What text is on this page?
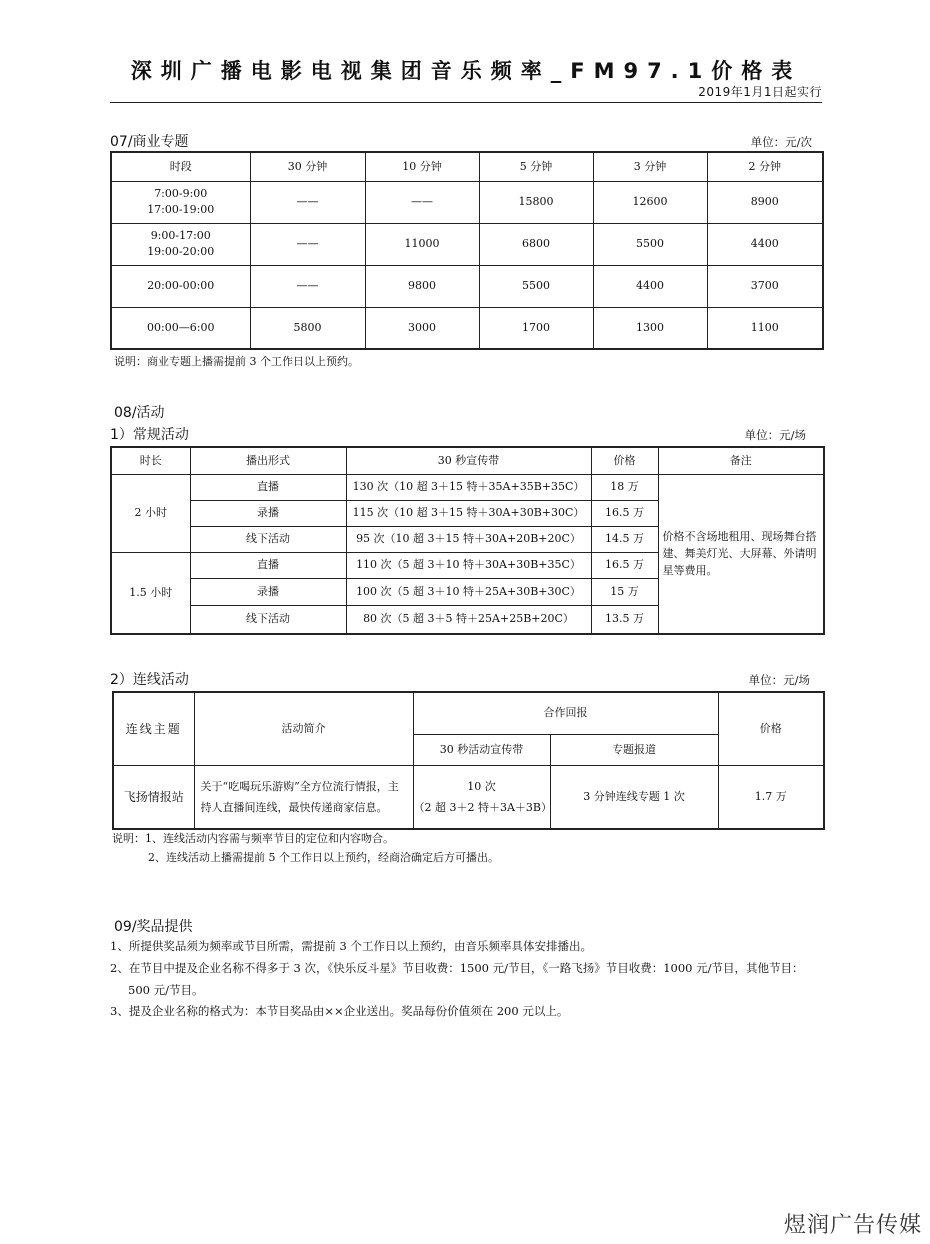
深圳广播电影电视集团音乐频率_FM97.1价格表
2019年1月1日起实行
07/商业专题	单位：元/次
时段	30 分钟	10 分钟	5 分钟	3 分钟	2 分钟

7:00-9:00
17:00-19:00	——	——	15800	12600	8900

9:00-17:00
19:00-20:00	——	11000	6800	5500	4400
20:00-00:00	——	9800	5500	4400	3700
00:00—6:00	5800	3000	1700	1300	1100
说明：商业专题上播需提前 3 个工作日以上预约。
08/活动
1）常规活动	单位：元/场
时长	播出形式	30 秒宣传带	价格	备注
2 小时	直播	130 次（10 超 3＋15 特＋35A+35B+35C）	18 万	价格不含场地租用、现场舞台搭建、舞美灯光、大屏幕、外请明星等费用。
	录播	115 次（10 超 3＋15 特＋30A+30B+30C）	16.5 万	
	线下活动	95 次（10 超 3＋15 特＋30A+20B+20C）	14.5 万	
1.5 小时	直播	110 次（5 超 3＋10 特＋30A+30B+35C）	16.5 万	
	录播	100 次（5 超 3＋10 特＋25A+30B+30C）	15 万	
	线下活动	80 次（5 超 3＋5 特＋25A+25B+20C）	13.5 万	
2）连线活动	单位：元/场
连线主题	活动简介	合作回报		价格
		30 秒活动宣传带	专题报道	
飞扬情报站	关于“吃喝玩乐游购”全方位流行情报，主持人直播间连线，最快传递商家信息。	10 次
（2 超 3＋2 特＋3A＋3B）	3 分钟连线专题 1 次	1.7 万
说明：1、连线活动内容需与频率节目的定位和内容吻合。
2、连线活动上播需提前 5 个工作日以上预约，经商洽确定后方可播出。
09/奖品提供
1、所提供奖品须为频率或节目所需，需提前 3 个工作日以上预约，由音乐频率具体安排播出。
2、在节目中提及企业名称不得多于 3 次，《快乐反斗星》节目收费：1500 元/节目，《一路飞扬》节目收费：1000 元/节目，其他节目：
500 元/节目。
3、提及企业名称的格式为：本节目奖品由××企业送出。奖品每份价值须在 200 元以上。
煜润广告传媒
